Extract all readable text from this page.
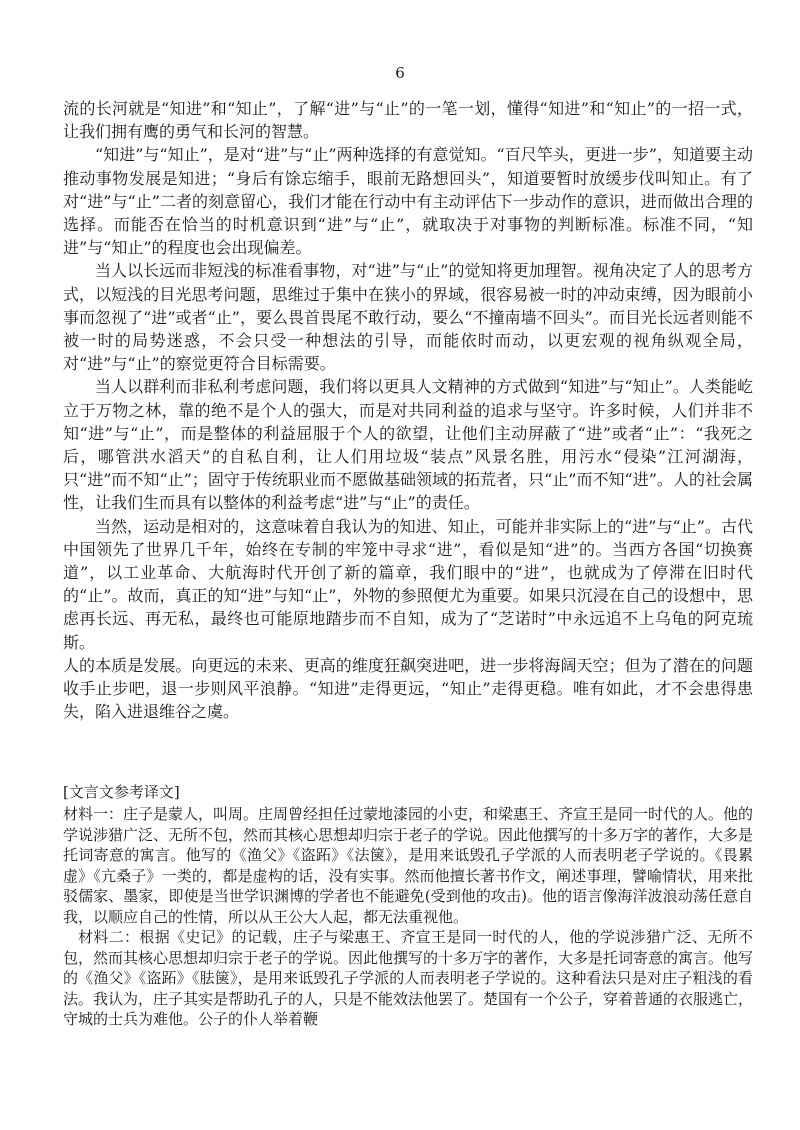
6

流的长河就是“知进”和“知止”，了解“进”与“止”的一笔一划，懂得“知进”和“知止”的一招一式，让我们拥有鹰的勇气和长河的智慧。

“知进”与“知止”，是对“进”与“止”两种选择的有意觉知。“百尺竿头，更进一步”，知道要主动推动事物发展是知进；“身后有馀忘缩手，眼前无路想回头”，知道要暂时放缓步伐叫知止。有了对“进”与“止”二者的刻意留心，我们才能在行动中有主动评估下一步动作的意识，进而做出合理的选择。而能否在恰当的时机意识到“进”与“止”，就取决于对事物的判断标准。标准不同，“知进”与“知止”的程度也会出现偏差。

当人以长远而非短浅的标准看事物，对“进”与“止”的觉知将更加理智。视角决定了人的思考方式，以短浅的目光思考问题，思维过于集中在狭小的界域，很容易被一时的冲动束缚，因为眼前小事而忽视了“进”或者“止”，要么畏首畏尾不敢行动，要么“不撞南墙不回头”。而目光长远者则能不被一时的局势迷惑，不会只受一种想法的引导，而能依时而动，以更宏观的视角纵观全局，对“进”与“止”的察觉更符合目标需要。

当人以群利而非私利考虑问题，我们将以更具人文精神的方式做到“知进”与“知止”。人类能屹立于万物之林，靠的绝不是个人的强大，而是对共同利益的追求与坚守。许多时候，人们并非不知“进”与“止”，而是整体的利益屈服于个人的欲望，让他们主动屏蔽了“进”或者“止”：“我死之后，哪管洪水滔天”的自私自利，让人们用垃圾“装点”风景名胜，用污水“侵染”江河湖海，只“进”而不知“止”；固守于传统职业而不愿做基础领域的拓荒者，只“止”而不知“进”。人的社会属性，让我们生而具有以整体的利益考虑“进”与“止”的责任。

当然，运动是相对的，这意味着自我认为的知进、知止，可能并非实际上的“进”与“止”。古代中国领先了世界几千年，始终在专制的牢笼中寻求“进”，看似是知“进”的。当西方各国“切换赛道”，以工业革命、大航海时代开创了新的篇章，我们眼中的“进”，也就成为了停滞在旧时代的“止”。故而，真正的知“进”与知“止”，外物的参照便尤为重要。如果只沉浸在自己的设想中，思虑再长远、再无私，最终也可能原地踏步而不自知，成为了“芝诺时”中永远追不上乌龟的阿克琉斯。

人的本质是发展。向更远的未来、更高的维度狂飙突进吧，进一步将海阔天空；但为了潜在的问题收手止步吧，退一步则风平浪静。“知进”走得更远，“知止”走得更稳。唯有如此，才不会患得患失，陷入进退维谷之虞。

[文言文参考译文]

材料一：庄子是蒙人，叫周。庄周曾经担任过蒙地漆园的小吏，和梁惠王、齐宣王是同一时代的人。他的学说涉猎广泛、无所不包，然而其核心思想却归宗于老子的学说。因此他撰写的十多万字的著作，大多是托词寄意的寓言。他写的《渔父》《盗跖》《法箧》，是用来诋毁孔子学派的人而表明老子学说的。《畏累虚》《亢桑子》一类的，都是虚构的话，没有实事。然而他擅长著书作文，阐述事理，譬喻情状，用来批驳儒家、墨家，即使是当世学识渊博的学者也不能避免(受到他的攻击)。他的语言像海洋波浪动荡任意自我，以顺应自己的性情，所以从王公大人起，都无法重视他。

材料二：根据《史记》的记载，庄子与梁惠王、齐宣王是同一时代的人，他的学说涉猎广泛、无所不包，然而其核心思想却归宗于老子的学说。因此他撰写的十多万字的著作，大多是托词寄意的寓言。他写的《渔父》《盗跖》《胠箧》，是用来诋毁孔子学派的人而表明老子学说的。这种看法只是对庄子粗浅的看法。我认为，庄子其实是帮助孔子的人，只是不能效法他罢了。楚国有一个公子，穿着普通的衣服逃亡，守城的士兵为难他。公子的仆人举着鞭
